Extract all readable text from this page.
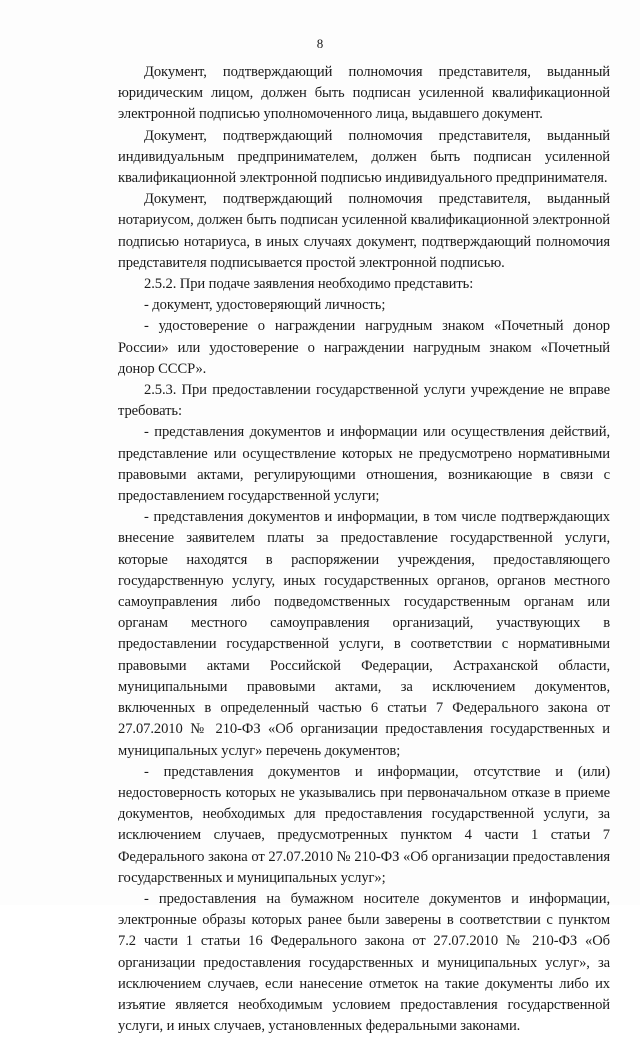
8

Документ, подтверждающий полномочия представителя, выданный юридическим лицом, должен быть подписан усиленной квалификационной электронной подписью уполномоченного лица, выдавшего документ.

Документ, подтверждающий полномочия представителя, выданный индивидуальным предпринимателем, должен быть подписан усиленной квалификационной электронной подписью индивидуального предпринимателя.

Документ, подтверждающий полномочия представителя, выданный нотариусом, должен быть подписан усиленной квалификационной электронной подписью нотариуса, в иных случаях документ, подтверждающий полномочия представителя подписывается простой электронной подписью.

2.5.2. При подаче заявления необходимо представить:

- документ, удостоверяющий личность;

- удостоверение о награждении нагрудным знаком «Почетный донор России» или удостоверение о награждении нагрудным знаком «Почетный донор СССР».

2.5.3. При предоставлении государственной услуги учреждение не вправе требовать:

- представления документов и информации или осуществления действий, представление или осуществление которых не предусмотрено нормативными правовыми актами, регулирующими отношения, возникающие в связи с предоставлением государственной услуги;

- представления документов и информации, в том числе подтверждающих внесение заявителем платы за предоставление государственной услуги, которые находятся в распоряжении учреждения, предоставляющего государственную услугу, иных государственных органов, органов местного самоуправления либо подведомственных государственным органам или органам местного самоуправления организаций, участвующих в предоставлении государственной услуги, в соответствии с нормативными правовыми актами Российской Федерации, Астраханской области, муниципальными правовыми актами, за исключением документов, включенных в определенный частью 6 статьи 7 Федерального закона от 27.07.2010 № 210-ФЗ «Об организации предоставления государственных и муниципальных услуг» перечень документов;

- представления документов и информации, отсутствие и (или) недостоверность которых не указывались при первоначальном отказе в приеме документов, необходимых для предоставления государственной услуги, за исключением случаев, предусмотренных пунктом 4 части 1 статьи 7 Федерального закона от 27.07.2010 № 210-ФЗ «Об организации предоставления государственных и муниципальных услуг»;

- предоставления на бумажном носителе документов и информации, электронные образы которых ранее были заверены в соответствии с пунктом 7.2 части 1 статьи 16 Федерального закона от 27.07.2010 № 210-ФЗ «Об организации предоставления государственных и муниципальных услуг», за исключением случаев, если нанесение отметок на такие документы либо их изъятие является необходимым условием предоставления государственной услуги, и иных случаев, установленных федеральными законами.
